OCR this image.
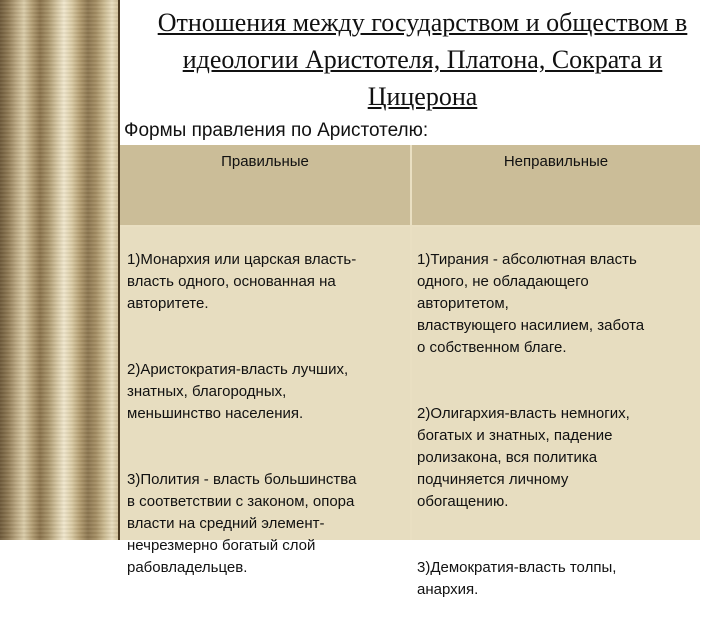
Отношения между государством и обществом в
идеологии Аристотеля, Платона, Сократа и
Цицерона
Формы правления по Аристотелю:
Правильные	Неправильные

1)Монархия или царская власть-
власть одного, основанная на
авторитете.

2)Аристократия-власть лучших,
знатных, благородных,
меньшинство населения.

3)Полития - власть большинства
в соответствии с законом, опора
власти на средний элемент-
нечрезмерно богатый слой
рабовладельцев.

1)Тирания - абсолютная власть
одного, не обладающего
авторитетом,
властвующего насилием, забота
о собственном благе.

2)Олигархия-власть немногих,
богатых и знатных, падение
ролизакона, вся политика
подчиняется личному
обогащению.

3)Демократия-власть толпы,
анархия.
